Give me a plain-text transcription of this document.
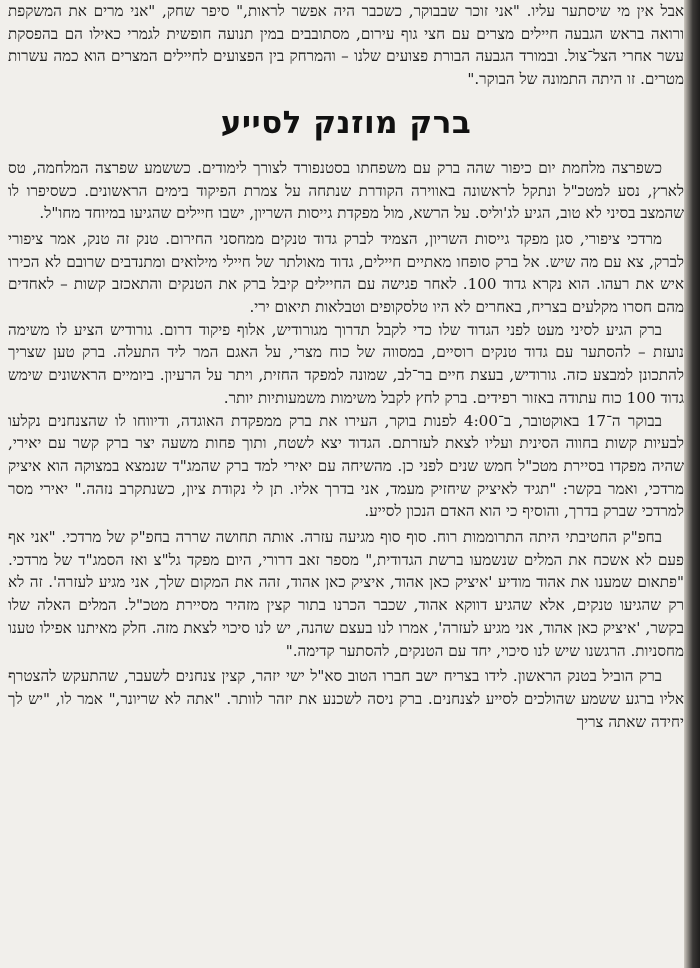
אבל אין מי שיסתער עליו. "אני זוכר שבבוקר, כשכבר היה אפשר לראות," סיפר שחק, "אני מרים את המשקפת ורואה בראש הגבעה חיילים מצרים עם חצי גוף עירום, מסתובבים במין תנועה חופשית לגמרי כאילו הם בהפסקת עשר אחרי הצל־צול. ובמורד הגבעה הבורת פצועים שלנו – והמרחק בין הפצועים לחיילים המצרים הוא כמה עשרות מטרים. זו היתה התמונה של הבוקר."

ברק מוזנק לסייע

כשפרצה מלחמת יום כיפור שהה ברק עם משפחתו בסטנפורד לצורך לימודים. כששמע שפרצה המלחמה, טס לארץ, נסע למטכ"ל ונתקל לראשונה באווירה הקודרת שנתחה על צמרת הפיקוד בימים הראשונים. כשסיפרו לו שהמצב בסיני לא טוב, הגיע לג'וליס. על הרשא, מול מפקדת גייסות השריון, ישבו חיילים שהגיעו במיוחד מחו"ל.

מרדכי ציפורי, סגן מפקד גייסות השריון, הצמיד לברק גדוד טנקים ממחסני החירום. טנק זה טנק, אמר ציפורי לברק, צא עם מה שיש. אל ברק סופחו מאתיים חיילים, גדוד מאולתר של חיילי מילואים ומתנדבים שרובם לא הכירו איש את רעהו. הוא נקרא גדוד 100. לאחר פגישה עם החיילים קיבל ברק את הטנקים והתאכזב קשות – לאחדים מהם חסרו מקלעים בצריח, באחרים לא היו טלסקופים וטבלאות תיאום ירי.

ברק הגיע לסיני מעט לפני הגדוד שלו כדי לקבל תדרוך מגורודיש, אלוף פיקוד דרום. גורודיש הציע לו משימה נועזת – להסתער עם גדוד טנקים רוסיים, במסווה של כוח מצרי, על האגם המר ליד התעלה. ברק טען שצריך להתכונן למבצע כזה. גורודיש, בעצת חיים בר־לב, שמונה למפקד החזית, ויתר על הרעיון. ביומיים הראשונים שימש גדוד 100 כוח עתודה באזור רפידים. ברק לחץ לקבל משימות משמעותיות יותר.

בבוקר ה־17 באוקטובר, ב־4:00 לפנות בוקר, העירו את ברק ממפקדת האוגדה, ודיווחו לו שהצנחנים נקלעו לבעיות קשות בחווה הסינית ועליו לצאת לעזרתם. הגדוד יצא לשטח, ותוך פחות משעה יצר ברק קשר עם יאירי, שהיה מפקדו בסיירת מטכ"ל חמש שנים לפני כן. מהשיחה עם יאירי למד ברק שהמג"ד שנמצא במצוקה הוא איציק מרדכי, ואמר בקשר: "תגיד לאיציק שיחזיק מעמד, אני בדרך אליו. תן לי נקודת ציון, כשנתקרב נזהה." יאירי מסר למרדכי שברק בדרך, והוסיף כי הוא האדם הנכון לסייע.

בחפ"ק החטיבתי היתה התרוממות רוח. סוף סוף מגיעה עזרה. אותה תחושה שררה בחפ"ק של מרדכי. "אני אף פעם לא אשכח את המלים שנשמעו ברשת הגדודית," מספר זאב דרורי, היום מפקד גל"צ ואז הסמג"ד של מרדכי. "פתאום שמענו את אהוד מודיע 'איציק כאן אהוד, איציק כאן אהוד, זהה את המקום שלך, אני מגיע לעזרה'. זה לא רק שהגיעו טנקים, אלא שהגיע דווקא אהוד, שכבר הכרנו בתור קצין מזהיר מסיירת מטכ"ל. המלים האלה שלו בקשר, 'איציק כאן אהוד, אני מגיע לעזרה', אמרו לנו בעצם שהנה, יש לנו סיכוי לצאת מזה. חלק מאיתנו אפילו טענו מחסניות. הרגשנו שיש לנו סיכוי, יחד עם הטנקים, להסתער קדימה."

ברק הוביל בטנק הראשון. לידו בצריח ישב חברו הטוב סא"ל ישי יזהר, קצין צנחנים לשעבר, שהתעקש להצטרף אליו ברגע ששמע שהולכים לסייע לצנחנים. ברק ניסה לשכנע את יזהר לוותר. "אתה לא שריונר," אמר לו, "יש לך יחידה שאתה צריך
